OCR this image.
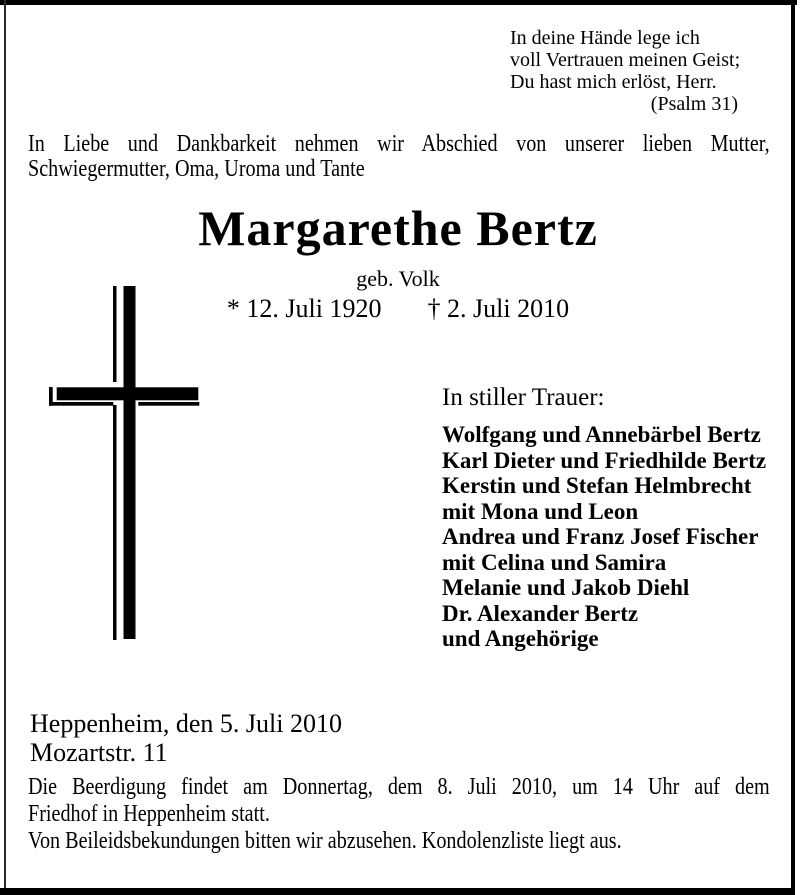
In deine Hände lege ich
voll Vertrauen meinen Geist;
Du hast mich erlöst, Herr.
(Psalm 31)
In Liebe und Dankbarkeit nehmen wir Abschied von unserer lieben Mutter,
Schwiegermutter, Oma, Uroma und Tante
Margarethe Bertz
geb. Volk
* 12. Juli 1920 † 2. Juli 2010
In stiller Trauer:
Wolfgang und Annebärbel Bertz
Karl Dieter und Friedhilde Bertz
Kerstin und Stefan Helmbrecht
mit Mona und Leon
Andrea und Franz Josef Fischer
mit Celina und Samira
Melanie und Jakob Diehl
Dr. Alexander Bertz
und Angehörige
Heppenheim, den 5. Juli 2010
Mozartstr. 11
Die Beerdigung findet am Donnertag, dem 8. Juli 2010, um 14 Uhr auf dem
Friedhof in Heppenheim statt.
Von Beileidsbekundungen bitten wir abzusehen. Kondolenzliste liegt aus.
